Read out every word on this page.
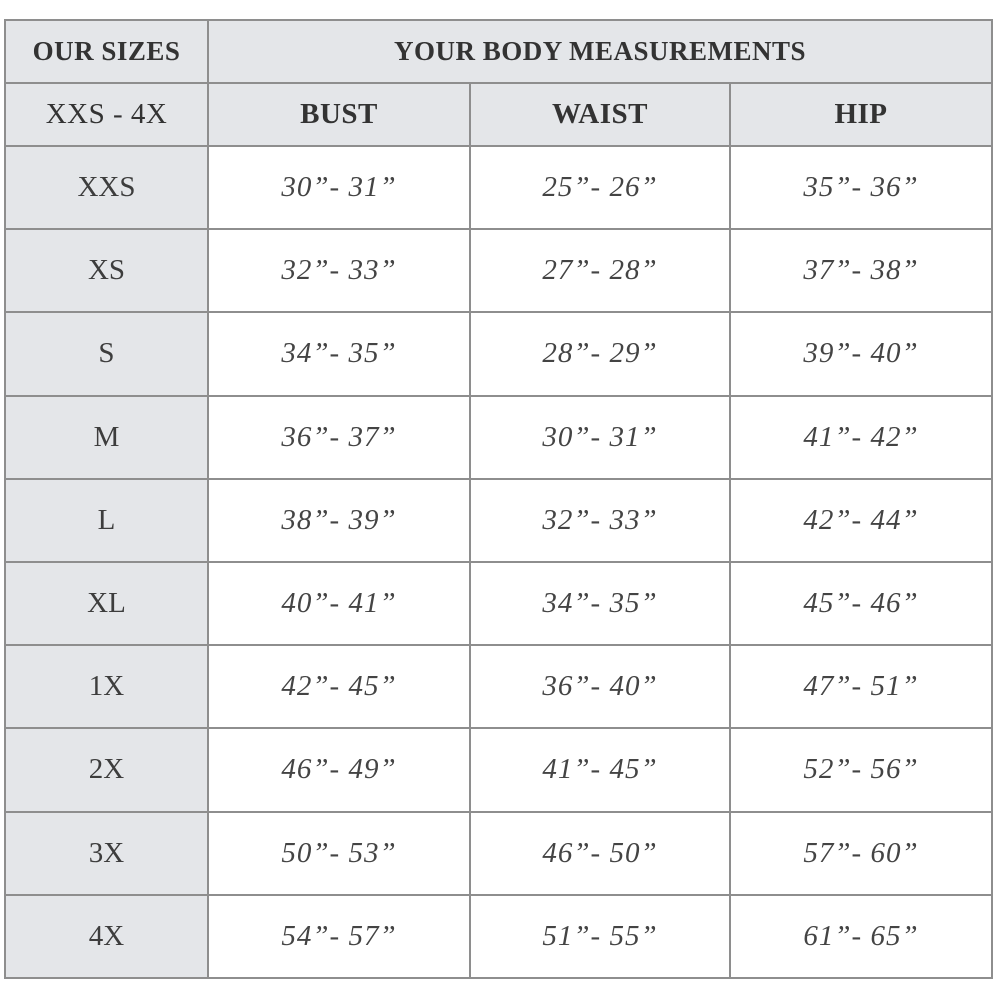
OUR SIZES	YOUR BODY MEASUREMENTS		
XXS - 4X	BUST	WAIST	HIP
XXS	30”- 31”	25”- 26”	35”- 36”
XS	32”- 33”	27”- 28”	37”- 38”
S	34”- 35”	28”- 29”	39”- 40”
M	36”- 37”	30”- 31”	41”- 42”
L	38”- 39”	32”- 33”	42”- 44”
XL	40”- 41”	34”- 35”	45”- 46”
1X	42”- 45”	36”- 40”	47”- 51”
2X	46”- 49”	41”- 45”	52”- 56”
3X	50”- 53”	46”- 50”	57”- 60”
4X	54”- 57”	51”- 55”	61”- 65”
